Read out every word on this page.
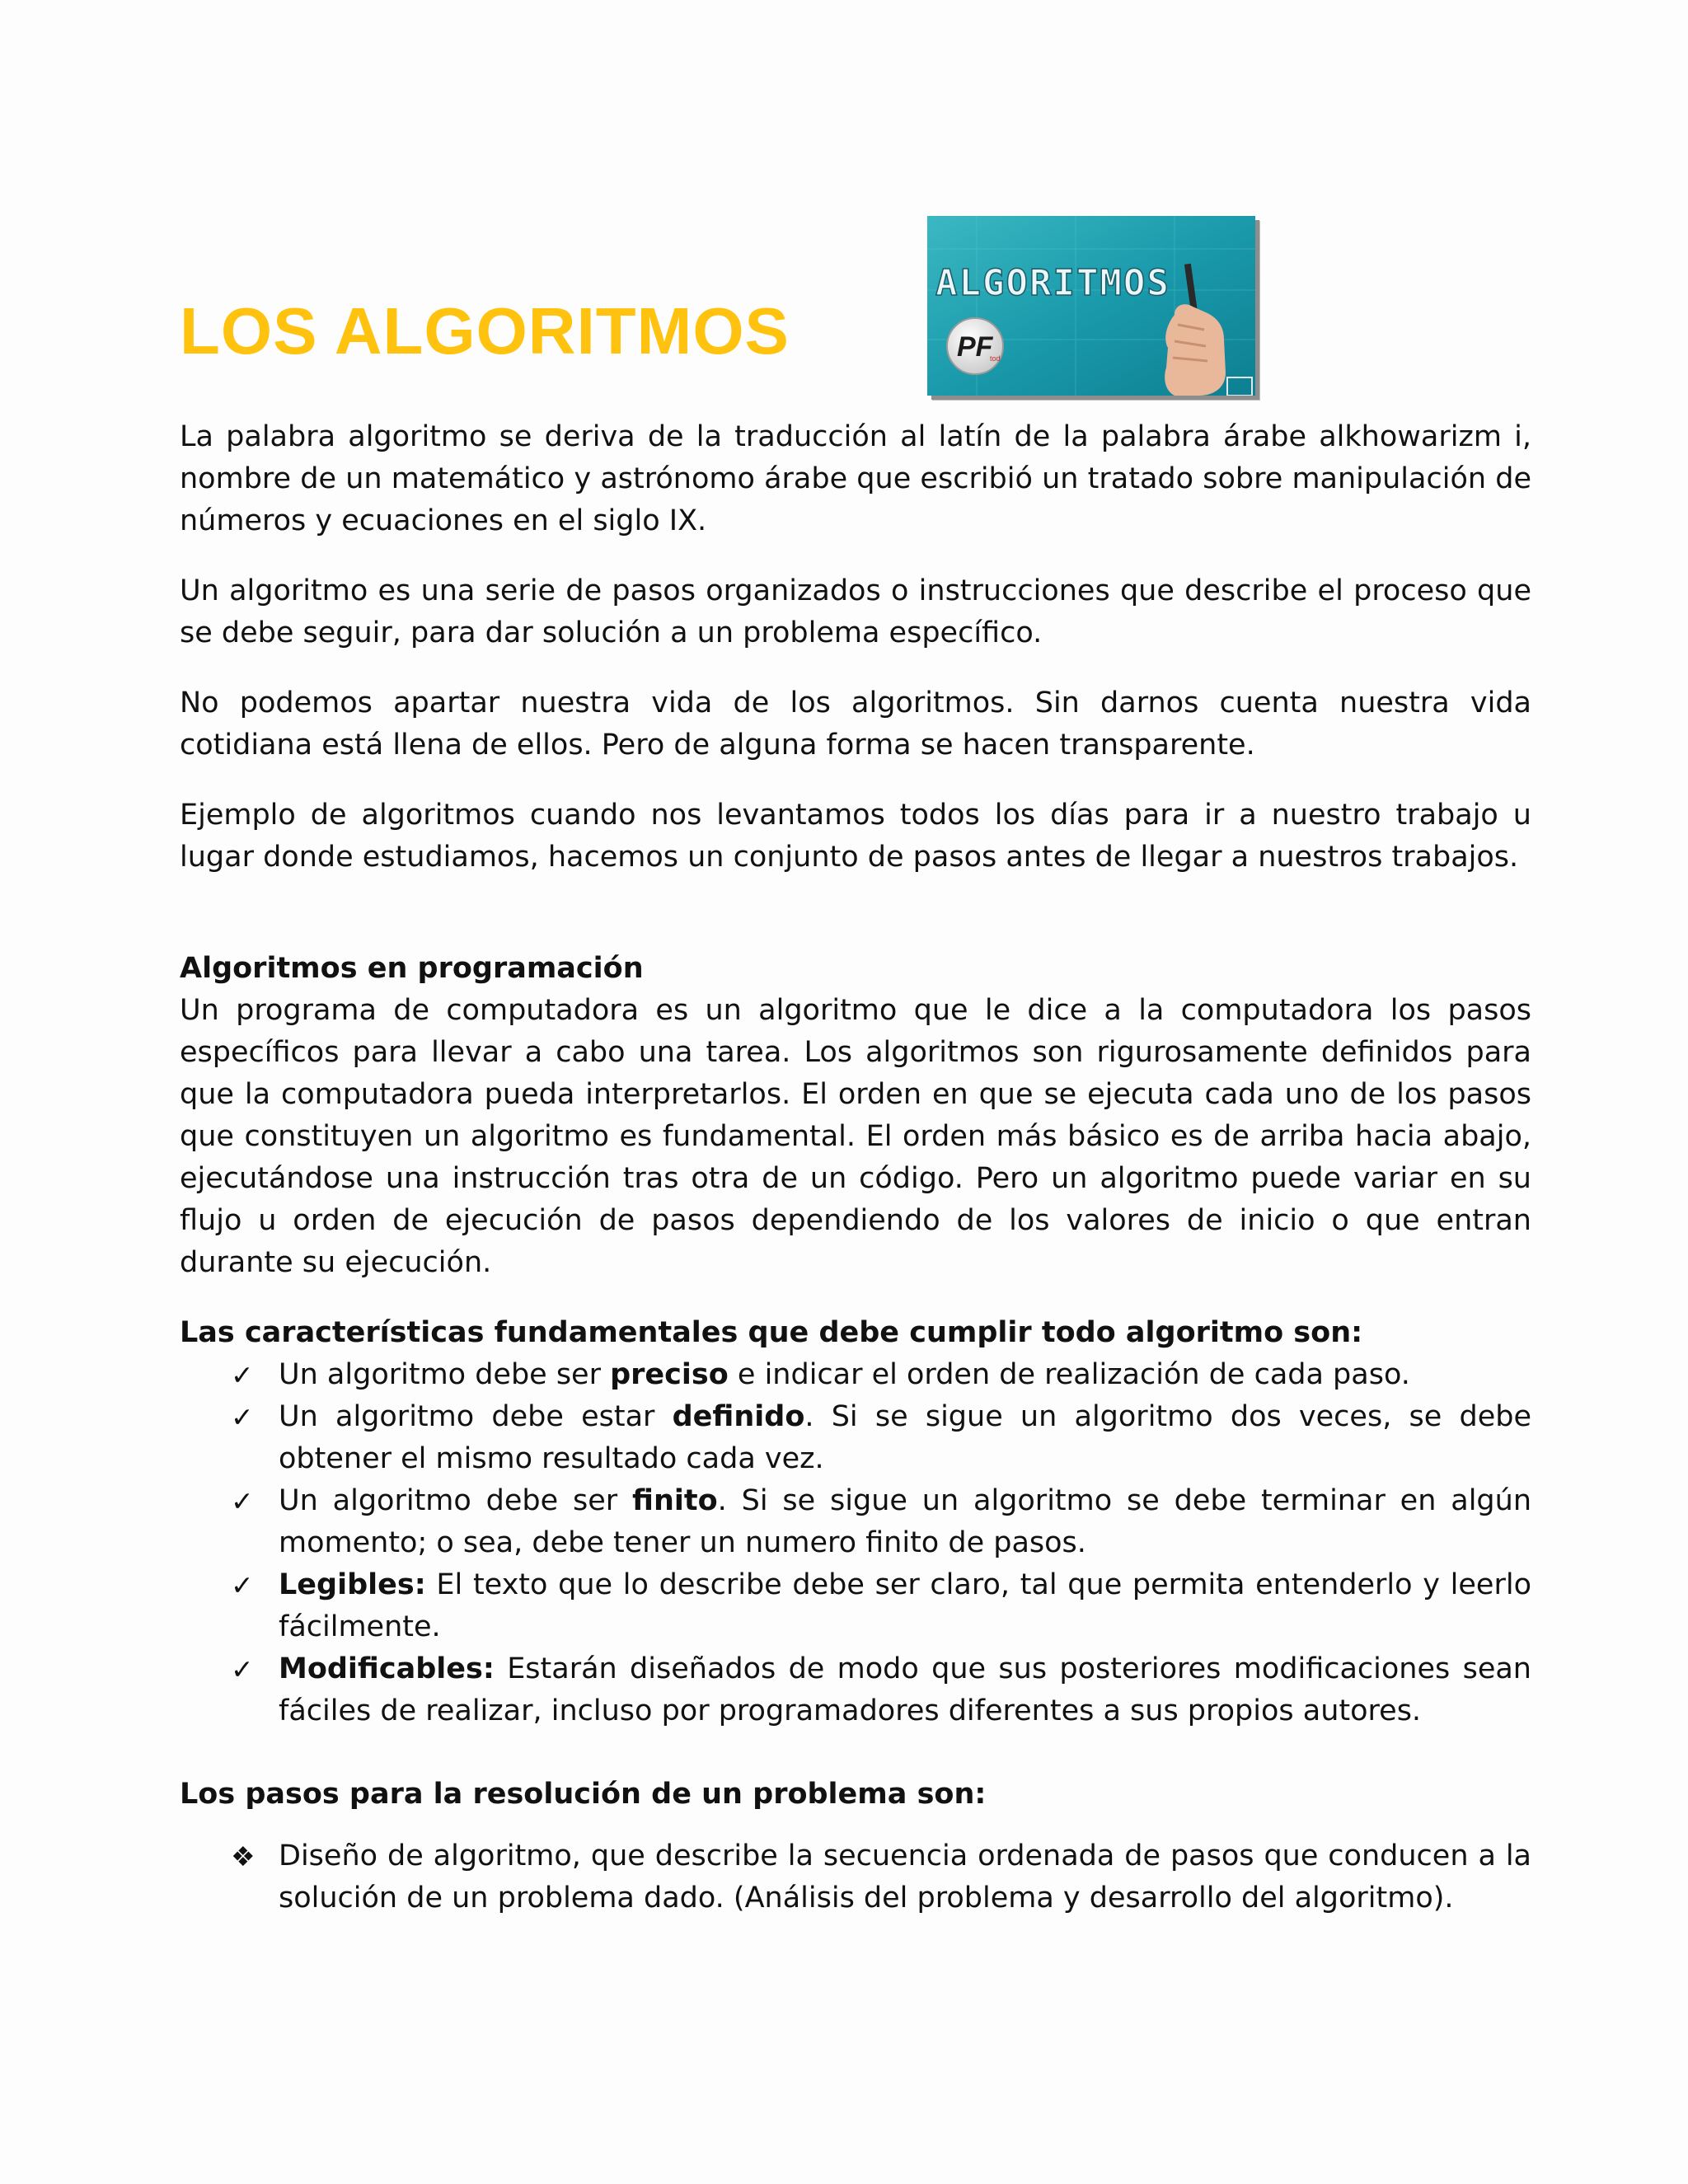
LOS ALGORITMOS
ALGORITMOS
PF
tod

La palabra algoritmo se deriva de la traducción al latín de la palabra árabe alkhowarizm i, nombre de un matemático y astrónomo árabe que escribió un tratado sobre manipulación de números y ecuaciones en el siglo IX.

Un algoritmo es una serie de pasos organizados o instrucciones que describe el proceso que se debe seguir, para dar solución a un problema específico.

No podemos apartar nuestra vida de los algoritmos. Sin darnos cuenta nuestra vida cotidiana está llena de ellos. Pero de alguna forma se hacen transparente.

Ejemplo de algoritmos cuando nos levantamos todos los días para ir a nuestro trabajo u lugar donde estudiamos, hacemos un conjunto de pasos antes de llegar a nuestros trabajos.

Algoritmos en programación

Un programa de computadora es un algoritmo que le dice a la computadora los pasos específicos para llevar a cabo una tarea. Los algoritmos son rigurosamente definidos para que la computadora pueda interpretarlos. El orden en que se ejecuta cada uno de los pasos que constituyen un algoritmo es fundamental. El orden más básico es de arriba hacia abajo, ejecutándose una instrucción tras otra de un código. Pero un algoritmo puede variar en su flujo u orden de ejecución de pasos dependiendo de los valores de inicio o que entran durante su ejecución.

Las características fundamentales que debe cumplir todo algoritmo son:
✓ Un algoritmo debe ser preciso e indicar el orden de realización de cada paso.
✓ Un algoritmo debe estar definido. Si se sigue un algoritmo dos veces, se debe obtener el mismo resultado cada vez.
✓ Un algoritmo debe ser finito. Si se sigue un algoritmo se debe terminar en algún momento; o sea, debe tener un numero finito de pasos.
✓ Legibles: El texto que lo describe debe ser claro, tal que permita entenderlo y leerlo fácilmente.
✓ Modificables: Estarán diseñados de modo que sus posteriores modificaciones sean fáciles de realizar, incluso por programadores diferentes a sus propios autores.
Los pasos para la resolución de un problema son:
❖ Diseño de algoritmo, que describe la secuencia ordenada de pasos que conducen a la solución de un problema dado. (Análisis del problema y desarrollo del algoritmo).
